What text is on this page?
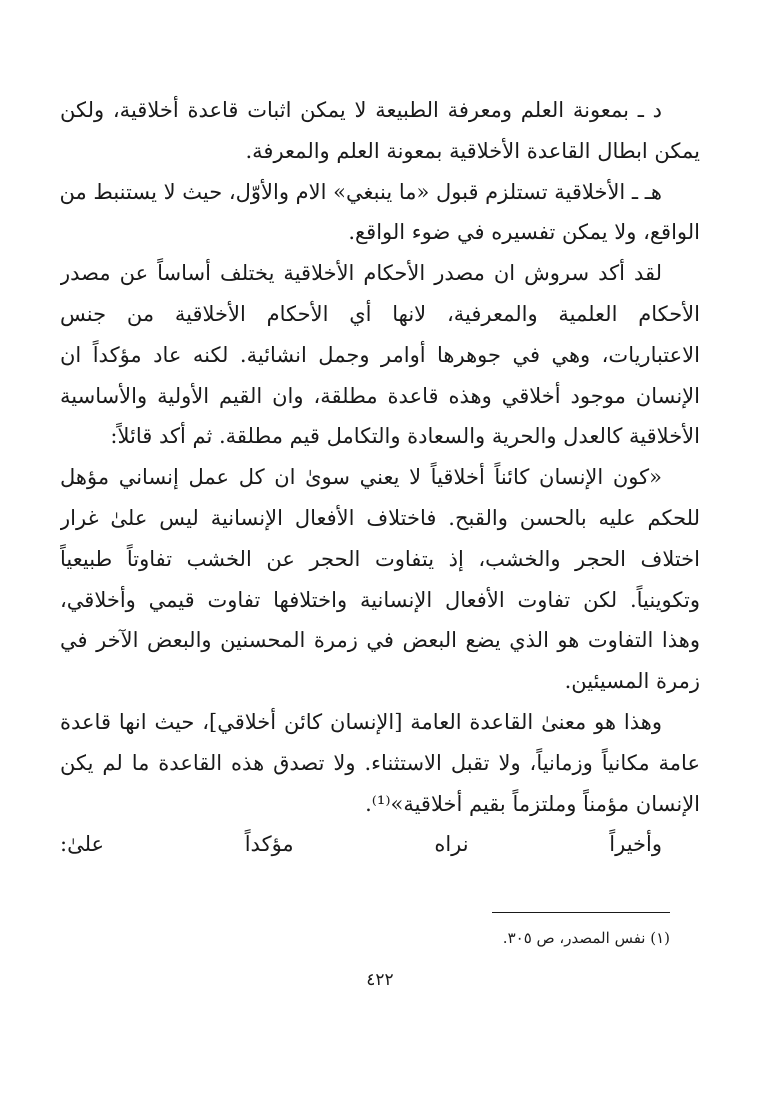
د ـ بمعونة العلم ومعرفة الطبيعة لا يمكن اثبات قاعدة أخلاقية، ولكن
يمكن ابطال القاعدة الأخلاقية بمعونة العلم والمعرفة.
هـ ـ الأخلاقية تستلزم قبول «ما ينبغي» الام والأوّل، حيث لا يستنبط من
الواقع، ولا يمكن تفسيره في ضوء الواقع.
لقد أكد سروش ان مصدر الأحكام الأخلاقية يختلف أساساً عن مصدر
الأحكام العلمية والمعرفية، لانها أي الأحكام الأخلاقية من جنس
الاعتباريات، وهي في جوهرها أوامر وجمل انشائية. لكنه عاد مؤكداً ان
الإنسان موجود أخلاقي وهذه قاعدة مطلقة، وان القيم الأولية والأساسية
الأخلاقية كالعدل والحرية والسعادة والتكامل قيم مطلقة. ثم أكد قائلاً:
«كون الإنسان كائناً أخلاقياً لا يعني سوىٰ ان كل عمل إنساني مؤهل
للحكم عليه بالحسن والقبح. فاختلاف الأفعال الإنسانية ليس علىٰ غرار
اختلاف الحجر والخشب، إذ يتفاوت الحجر عن الخشب تفاوتاً طبيعياً
وتكوينياً. لكن تفاوت الأفعال الإنسانية واختلافها تفاوت قيمي وأخلاقي،
وهذا التفاوت هو الذي يضع البعض في زمرة المحسنين والبعض الآخر في
زمرة المسيئين.
وهذا هو معنىٰ القاعدة العامة [الإنسان كائن أخلاقي]، حيث انها قاعدة
عامة مكانياً وزمانياً، ولا تقبل الاستثناء. ولا تصدق هذه القاعدة ما لم يكن
الإنسان مؤمناً وملتزماً بقيم أخلاقية»⁽¹⁾.
وأخيراً نراه مؤكداً علىٰ:
(١) نفس المصدر، ص ٣٠٥.
٤٢٢
